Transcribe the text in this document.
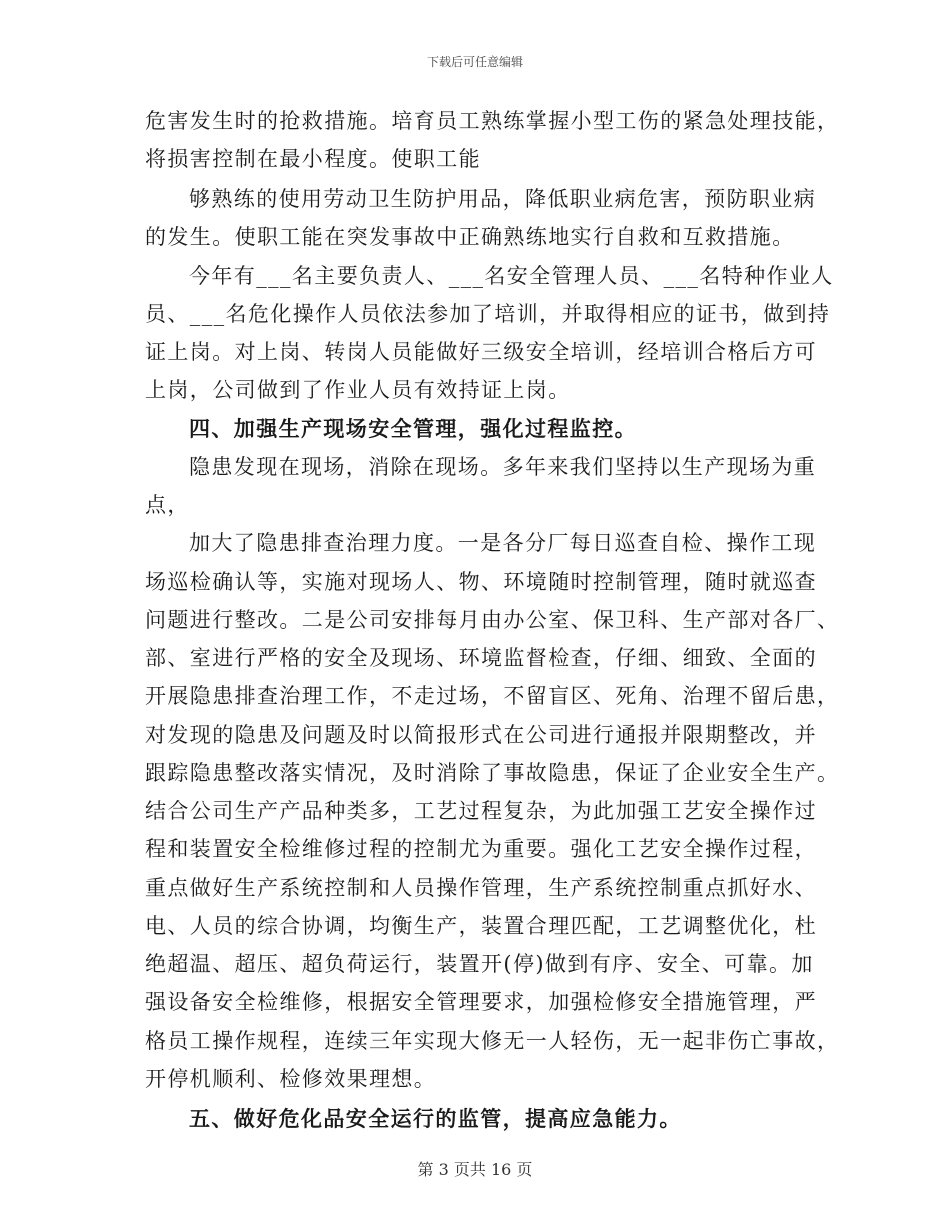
下载后可任意编辑
危害发生时的抢救措施。培育员工熟练掌握小型工伤的紧急处理技能，
将损害控制在最小程度。使职工能
够熟练的使用劳动卫生防护用品，降低职业病危害，预防职业病
的发生。使职工能在突发事故中正确熟练地实行自救和互救措施。
今年有___名主要负责人、___名安全管理人员、___名特种作业人
员、___名危化操作人员依法参加了培训，并取得相应的证书，做到持
证上岗。对上岗、转岗人员能做好三级安全培训，经培训合格后方可
上岗，公司做到了作业人员有效持证上岗。
四、加强生产现场安全管理，强化过程监控。
隐患发现在现场，消除在现场。多年来我们坚持以生产现场为重
点，
加大了隐患排查治理力度。一是各分厂每日巡查自检、操作工现
场巡检确认等，实施对现场人、物、环境随时控制管理，随时就巡查
问题进行整改。二是公司安排每月由办公室、保卫科、生产部对各厂、
部、室进行严格的安全及现场、环境监督检查，仔细、细致、全面的
开展隐患排查治理工作，不走过场，不留盲区、死角、治理不留后患，
对发现的隐患及问题及时以简报形式在公司进行通报并限期整改，并
跟踪隐患整改落实情况，及时消除了事故隐患，保证了企业安全生产。
结合公司生产产品种类多，工艺过程复杂，为此加强工艺安全操作过
程和装置安全检维修过程的控制尤为重要。强化工艺安全操作过程，
重点做好生产系统控制和人员操作管理，生产系统控制重点抓好水、
电、人员的综合协调，均衡生产，装置合理匹配，工艺调整优化，杜
绝超温、超压、超负荷运行，装置开(停)做到有序、安全、可靠。加
强设备安全检维修，根据安全管理要求，加强检修安全措施管理，严
格员工操作规程，连续三年实现大修无一人轻伤，无一起非伤亡事故，
开停机顺利、检修效果理想。
五、做好危化品安全运行的监管，提高应急能力。
第 3 页共 16 页
